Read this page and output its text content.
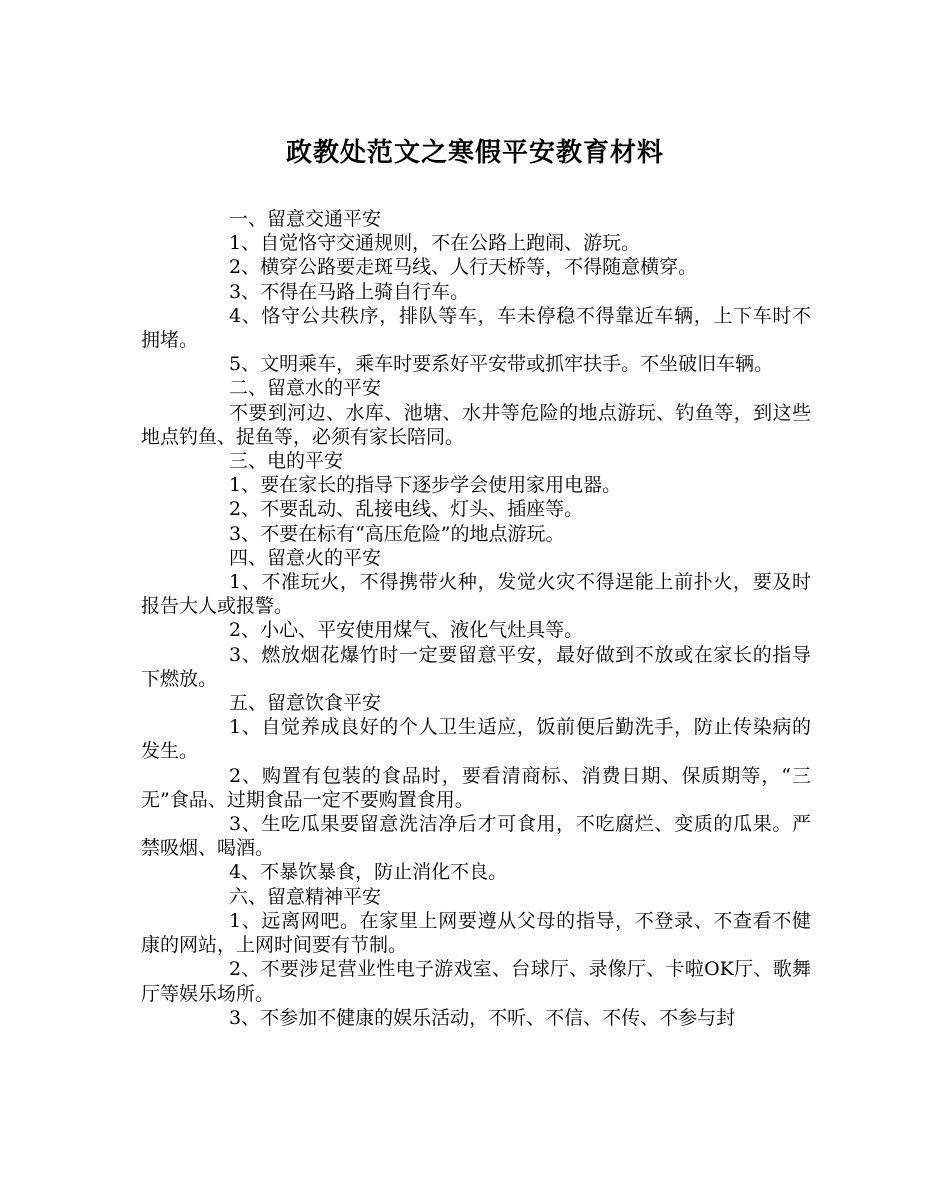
政教处范文之寒假平安教育材料

一、留意交通平安

1、自觉恪守交通规则，不在公路上跑闹、游玩。

2、横穿公路要走斑马线、人行天桥等，不得随意横穿。

3、不得在马路上骑自行车。

4、恪守公共秩序，排队等车，车未停稳不得靠近车辆，上下车时不拥堵。

5、文明乘车，乘车时要系好平安带或抓牢扶手。不坐破旧车辆。

二、留意水的平安

不要到河边、水库、池塘、水井等危险的地点游玩、钓鱼等，到这些地点钓鱼、捉鱼等，必须有家长陪同。

三、电的平安

1、要在家长的指导下逐步学会使用家用电器。

2、不要乱动、乱接电线、灯头、插座等。

3、不要在标有“高压危险”的地点游玩。

四、留意火的平安

1、不准玩火，不得携带火种，发觉火灾不得逞能上前扑火，要及时报告大人或报警。

2、小心、平安使用煤气、液化气灶具等。

3、燃放烟花爆竹时一定要留意平安，最好做到不放或在家长的指导下燃放。

五、留意饮食平安

1、自觉养成良好的个人卫生适应，饭前便后勤洗手，防止传染病的发生。

2、购置有包装的食品时，要看清商标、消费日期、保质期等，“三无”食品、过期食品一定不要购置食用。

3、生吃瓜果要留意洗洁净后才可食用，不吃腐烂、变质的瓜果。严禁吸烟、喝酒。

4、不暴饮暴食，防止消化不良。

六、留意精神平安

1、远离网吧。在家里上网要遵从父母的指导，不登录、不查看不健康的网站，上网时间要有节制。

2、不要涉足营业性电子游戏室、台球厅、录像厅、卡啦OK厅、歌舞厅等娱乐场所。

3、不参加不健康的娱乐活动，不听、不信、不传、不参与封
